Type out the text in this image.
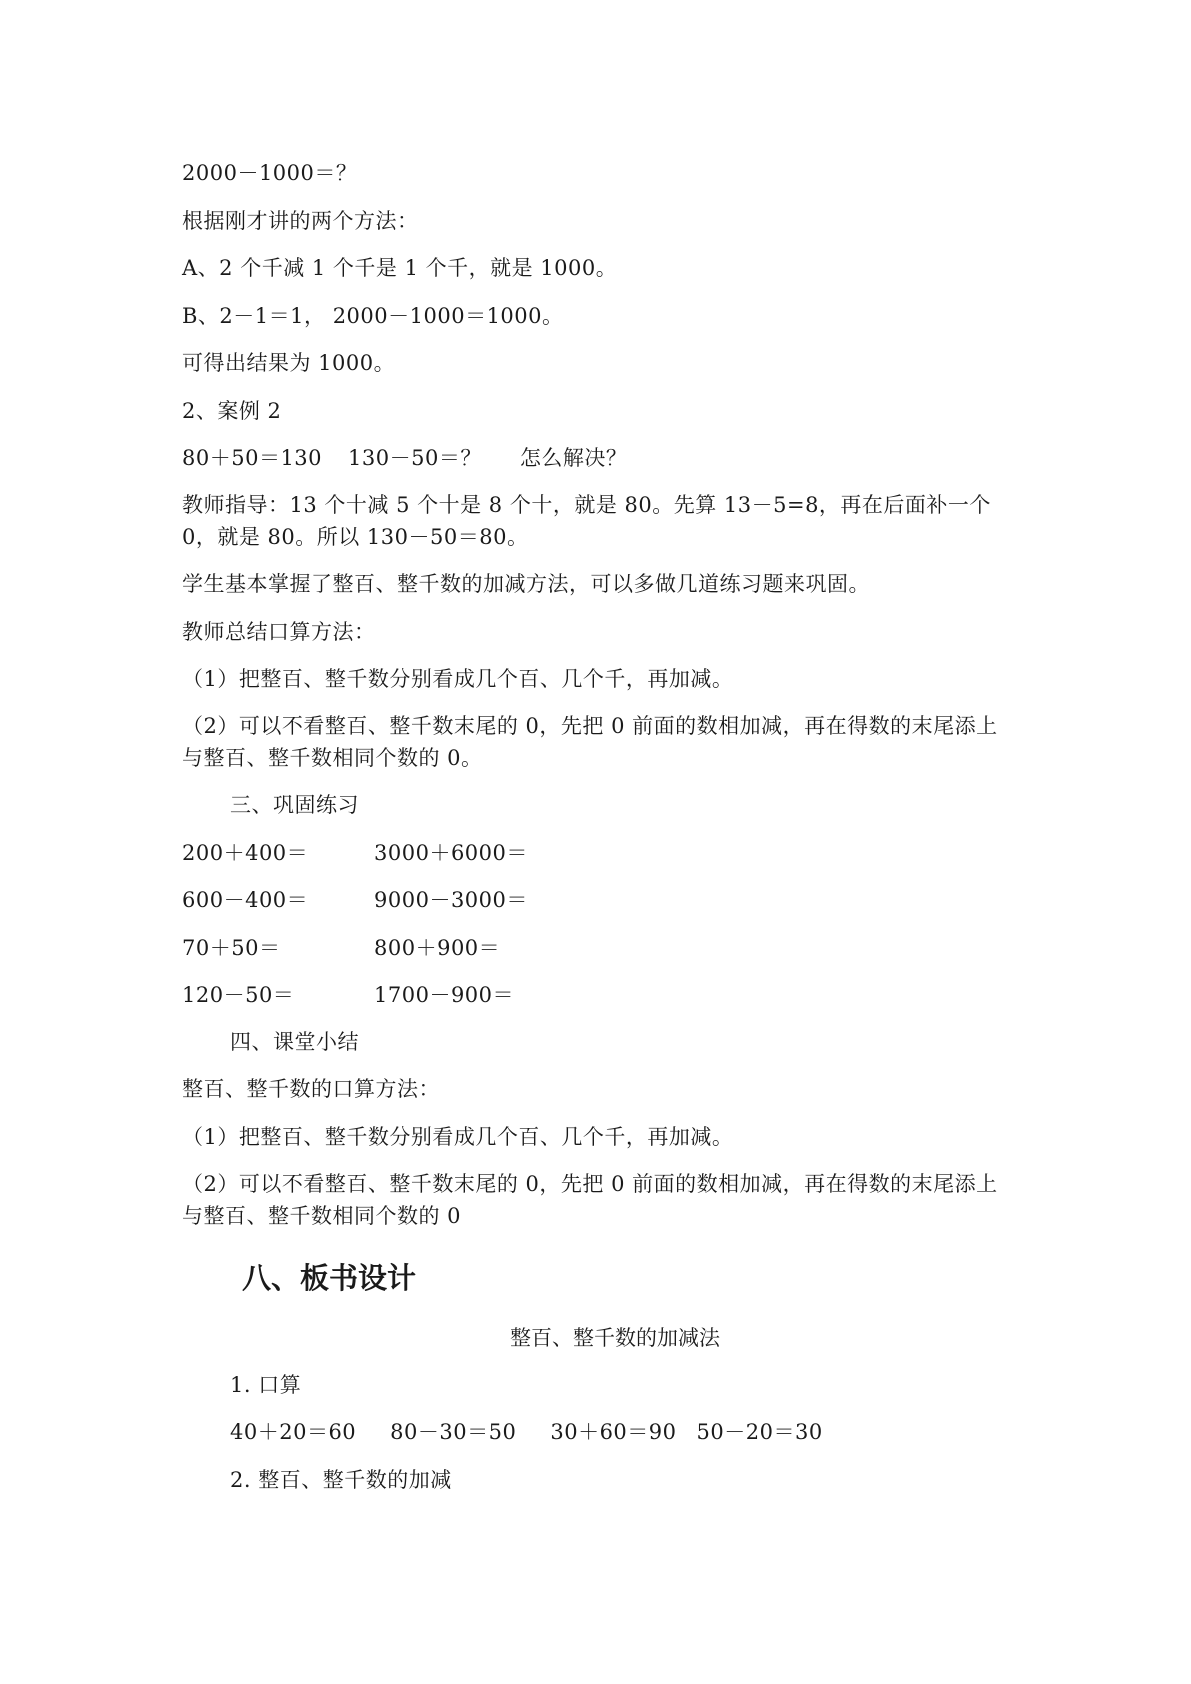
2000－1000＝？
根据刚才讲的两个方法：
A、2 个千减 1 个千是 1 个千，就是 1000。
B、2－1＝1， 2000－1000＝1000。
可得出结果为 1000。
2、案例 2
80＋50＝130 130－50＝？ 怎么解决？
教师指导：13 个十减 5 个十是 8 个十，就是 80。先算 13－5=8，再在后面补一个 0，就是 80。所以 130－50＝80。
学生基本掌握了整百、整千数的加减方法，可以多做几道练习题来巩固。
教师总结口算方法：
（1）把整百、整千数分别看成几个百、几个千，再加减。
（2）可以不看整百、整千数末尾的 0，先把 0 前面的数相加减，再在得数的末尾添上与整百、整千数相同个数的 0。
三、巩固练习
200＋400＝	3000＋6000＝
600－400＝	9000－3000＝
70＋50＝	800＋900＝
120－50＝	1700－900＝
四、课堂小结
整百、整千数的口算方法：
（1）把整百、整千数分别看成几个百、几个千，再加减。
（2）可以不看整百、整千数末尾的 0，先把 0 前面的数相加减，再在得数的末尾添上与整百、整千数相同个数的 0
八、板书设计
整百、整千数的加减法
1. 口算
40＋20＝60 80－30＝50 30＋60＝90 50－20＝30
2. 整百、整千数的加减
